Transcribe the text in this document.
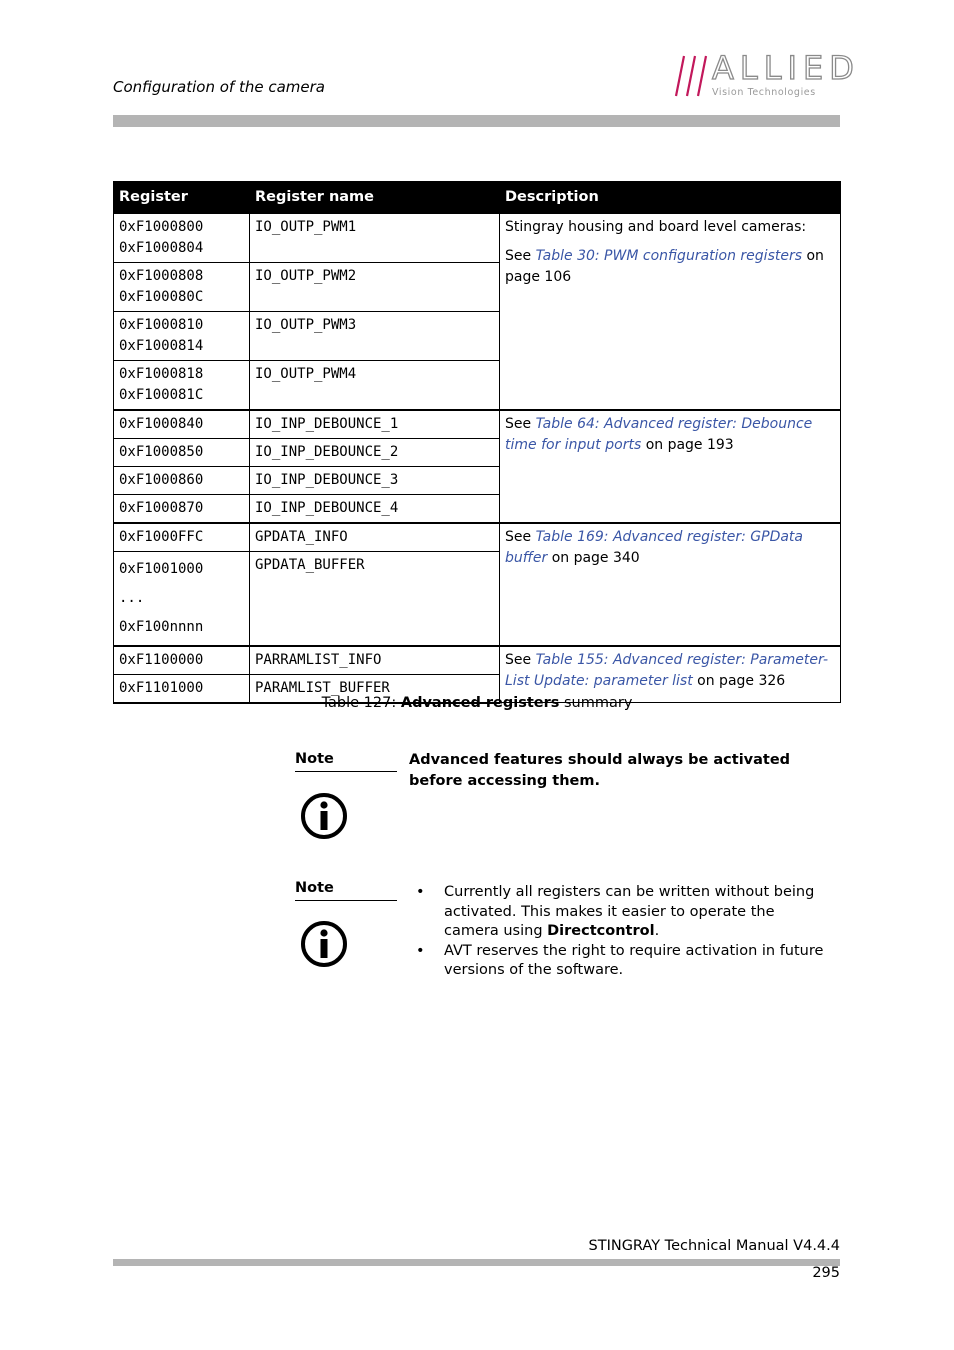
Configuration of the camera	ALLIED
Vision Technologies
Register	Register name	Description
0xF1000800
0xF1000804	IO_OUTP_PWM1	Stingray housing and board level cameras:
See Table 30: PWM configuration registers on page 106
0xF1000808
0xF100080C	IO_OUTP_PWM2	
0xF1000810
0xF1000814	IO_OUTP_PWM3	
0xF1000818
0xF100081C	IO_OUTP_PWM4	
0xF1000840	IO_INP_DEBOUNCE_1	See Table 64: Advanced register: Debounce time for input ports on page 193
0xF1000850	IO_INP_DEBOUNCE_2	
0xF1000860	IO_INP_DEBOUNCE_3	
0xF1000870	IO_INP_DEBOUNCE_4	
0xF1000FFC	GPDATA_INFO	See Table 169: Advanced register: GPData buffer on page 340
0xF1001000
...
0xF100nnnn	GPDATA_BUFFER	
0xF1100000	PARRAMLIST_INFO	See Table 155: Advanced register: Parameter-List Update: parameter list on page 326
0xF1101000	PARAMLIST_BUFFER	
Table 127: Advanced registers summary
Note	Advanced features should always be activated before accessing them.
Note	• Currently all registers can be written without being activated. This makes it easier to operate the camera using Directcontrol.
• AVT reserves the right to require activation in future versions of the software.
STINGRAY Technical Manual V4.4.4
295
